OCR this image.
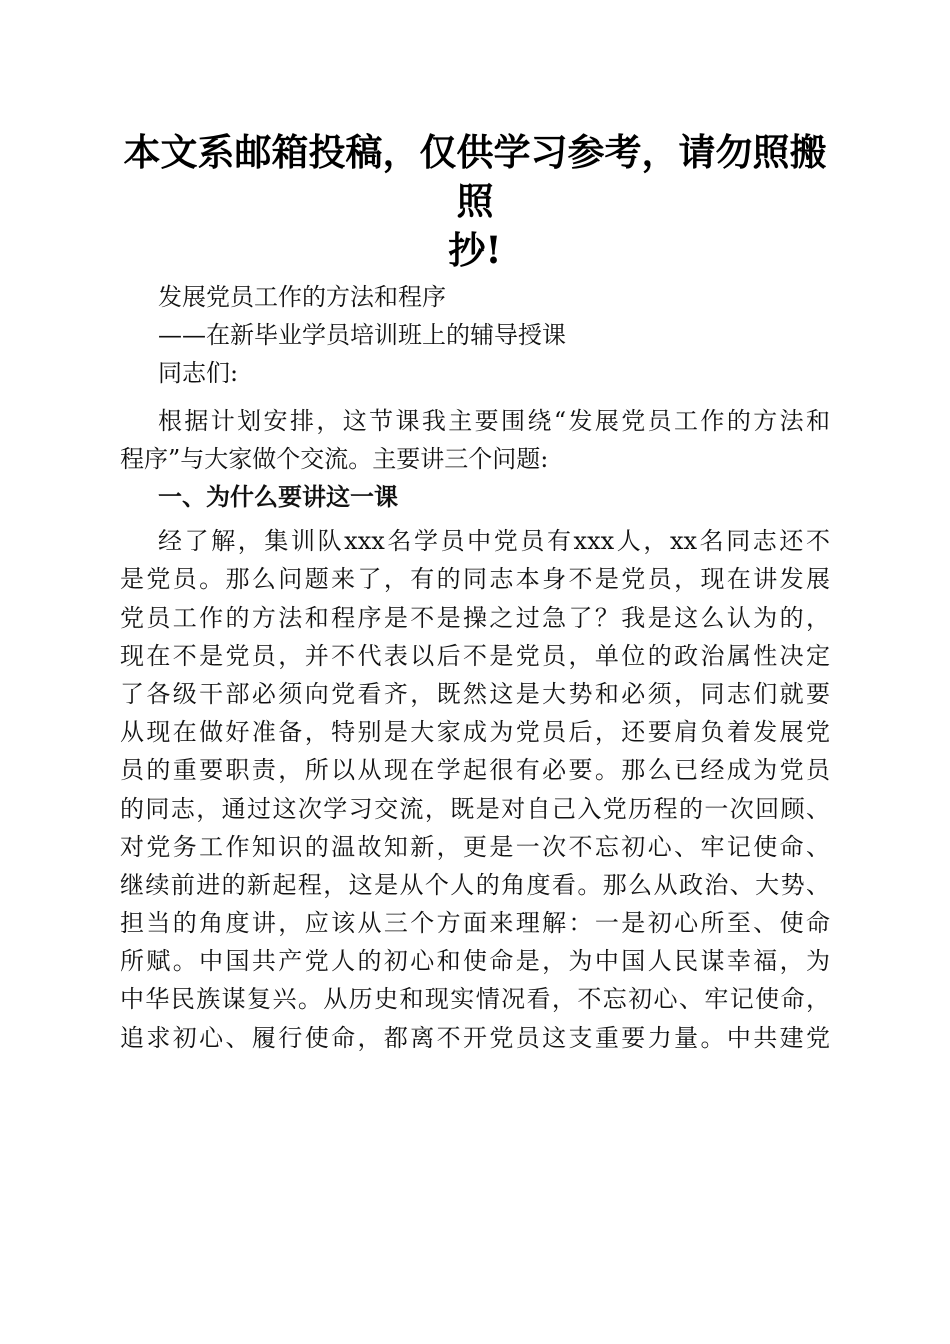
本文系邮箱投稿，仅供学习参考，请勿照搬照
抄!
发展党员工作的方法和程序
——在新毕业学员培训班上的辅导授课
同志们:
根据计划安排，这节课我主要围绕“发展党员工作的方法和
程序”与大家做个交流。主要讲三个问题:
一、为什么要讲这一课
经了解，集训队xxx名学员中党员有xxx人，xx名同志还不
是党员。那么问题来了，有的同志本身不是党员，现在讲发展
党员工作的方法和程序是不是操之过急了？我是这么认为的，
现在不是党员，并不代表以后不是党员，单位的政治属性决定
了各级干部必须向党看齐，既然这是大势和必须，同志们就要
从现在做好准备，特别是大家成为党员后，还要肩负着发展党
员的重要职责，所以从现在学起很有必要。那么已经成为党员
的同志，通过这次学习交流，既是对自己入党历程的一次回顾、
对党务工作知识的温故知新，更是一次不忘初心、牢记使命、
继续前进的新起程，这是从个人的角度看。那么从政治、大势、
担当的角度讲，应该从三个方面来理解：一是初心所至、使命
所赋。中国共产党人的初心和使命是，为中国人民谋幸福，为
中华民族谋复兴。从历史和现实情况看，不忘初心、牢记使命，
追求初心、履行使命，都离不开党员这支重要力量。中共建党
